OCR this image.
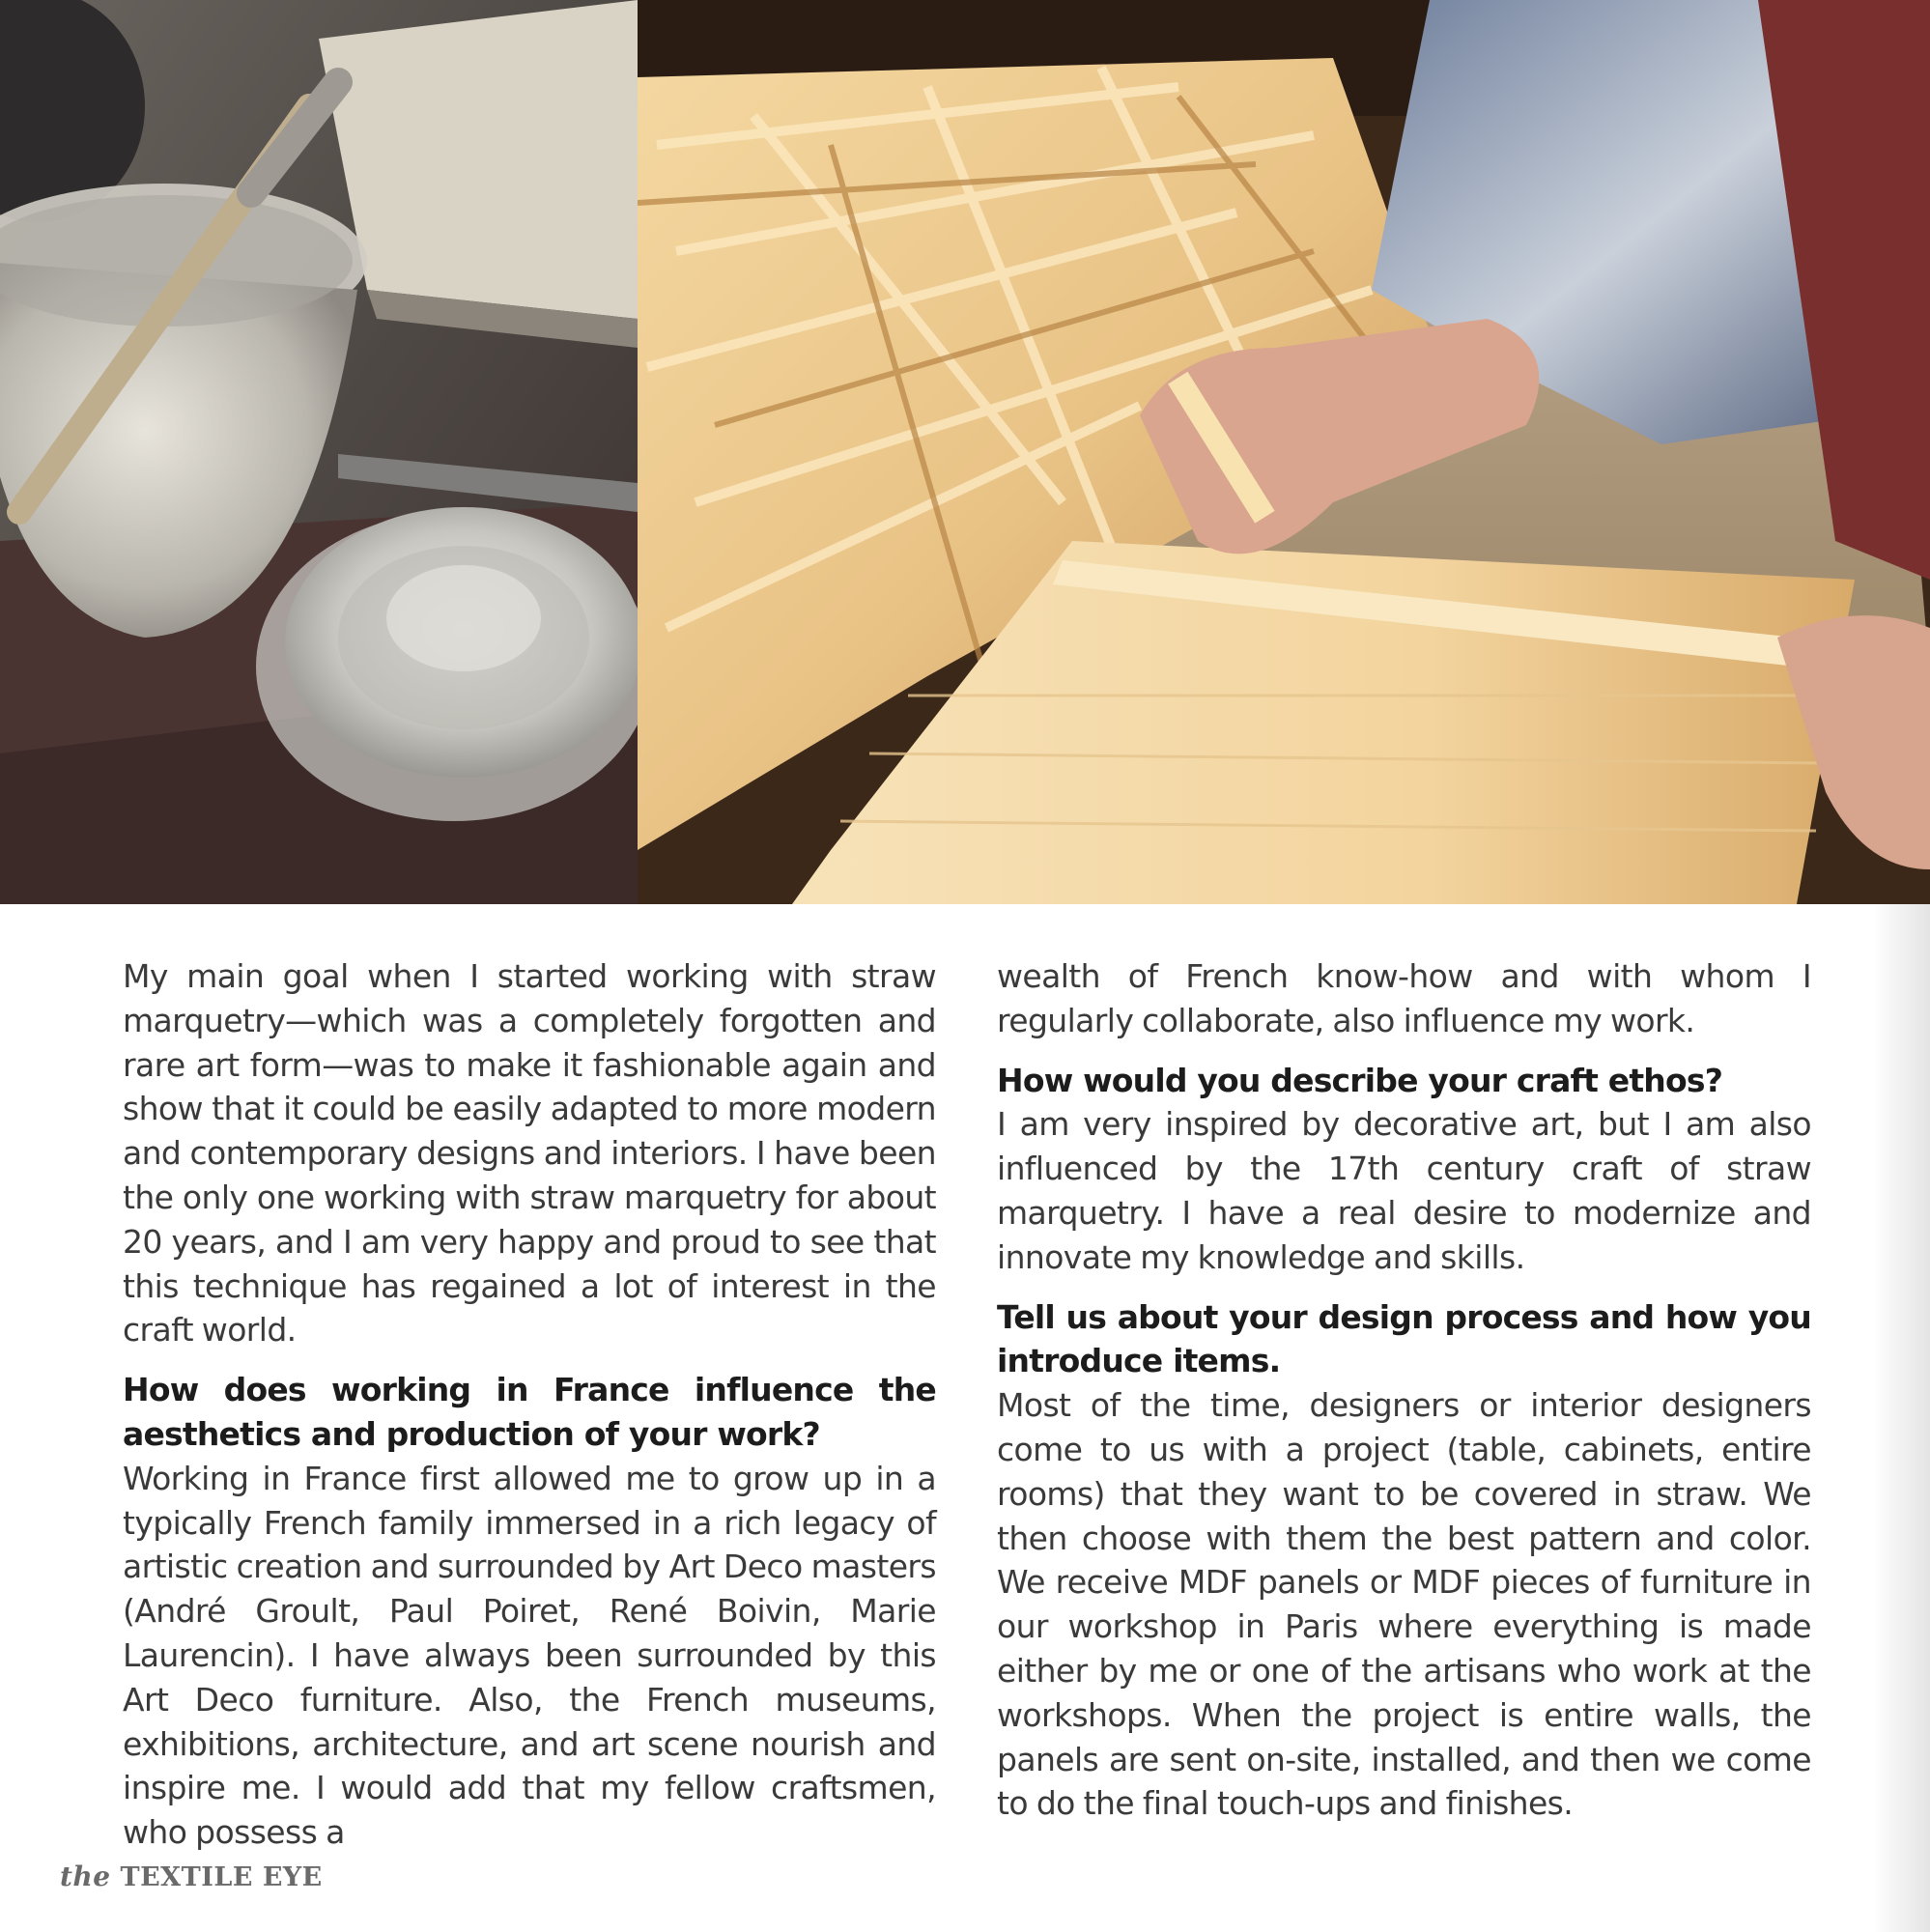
My main goal when I started working with straw marquetry—which was a completely forgotten and rare art form—was to make it fashionable again and show that it could be easily adapted to more modern and contemporary designs and interiors. I have been the only one working with straw marquetry for about 20 years, and I am very happy and proud to see that this technique has regained a lot of interest in the craft world.

How does working in France influence the aesthetics and production of your work?

Working in France first allowed me to grow up in a typically French family immersed in a rich legacy of artistic creation and surrounded by Art Deco masters (André Groult, Paul Poiret, René Boivin, Marie Laurencin). I have always been surrounded by this Art Deco furniture. Also, the French museums, exhibitions, architecture, and art scene nourish and inspire me. I would add that my fellow craftsmen, who possess a

wealth of French know-how and with whom I regularly collaborate, also influence my work.

How would you describe your craft ethos?

I am very inspired by decorative art, but I am also influenced by the 17th century craft of straw marquetry. I have a real desire to modernize and innovate my knowledge and skills.

Tell us about your design process and how you introduce items.

Most of the time, designers or interior designers come to us with a project (table, cabinets, entire rooms) that they want to be covered in straw. We then choose with them the best pattern and color. We receive MDF panels or MDF pieces of furniture in our workshop in Paris where everything is made either by me or one of the artisans who work at the workshops. When the project is entire walls, the panels are sent on-site, installed, and then we come to do the final touch-ups and finishes.

the TEXTILE EYE
